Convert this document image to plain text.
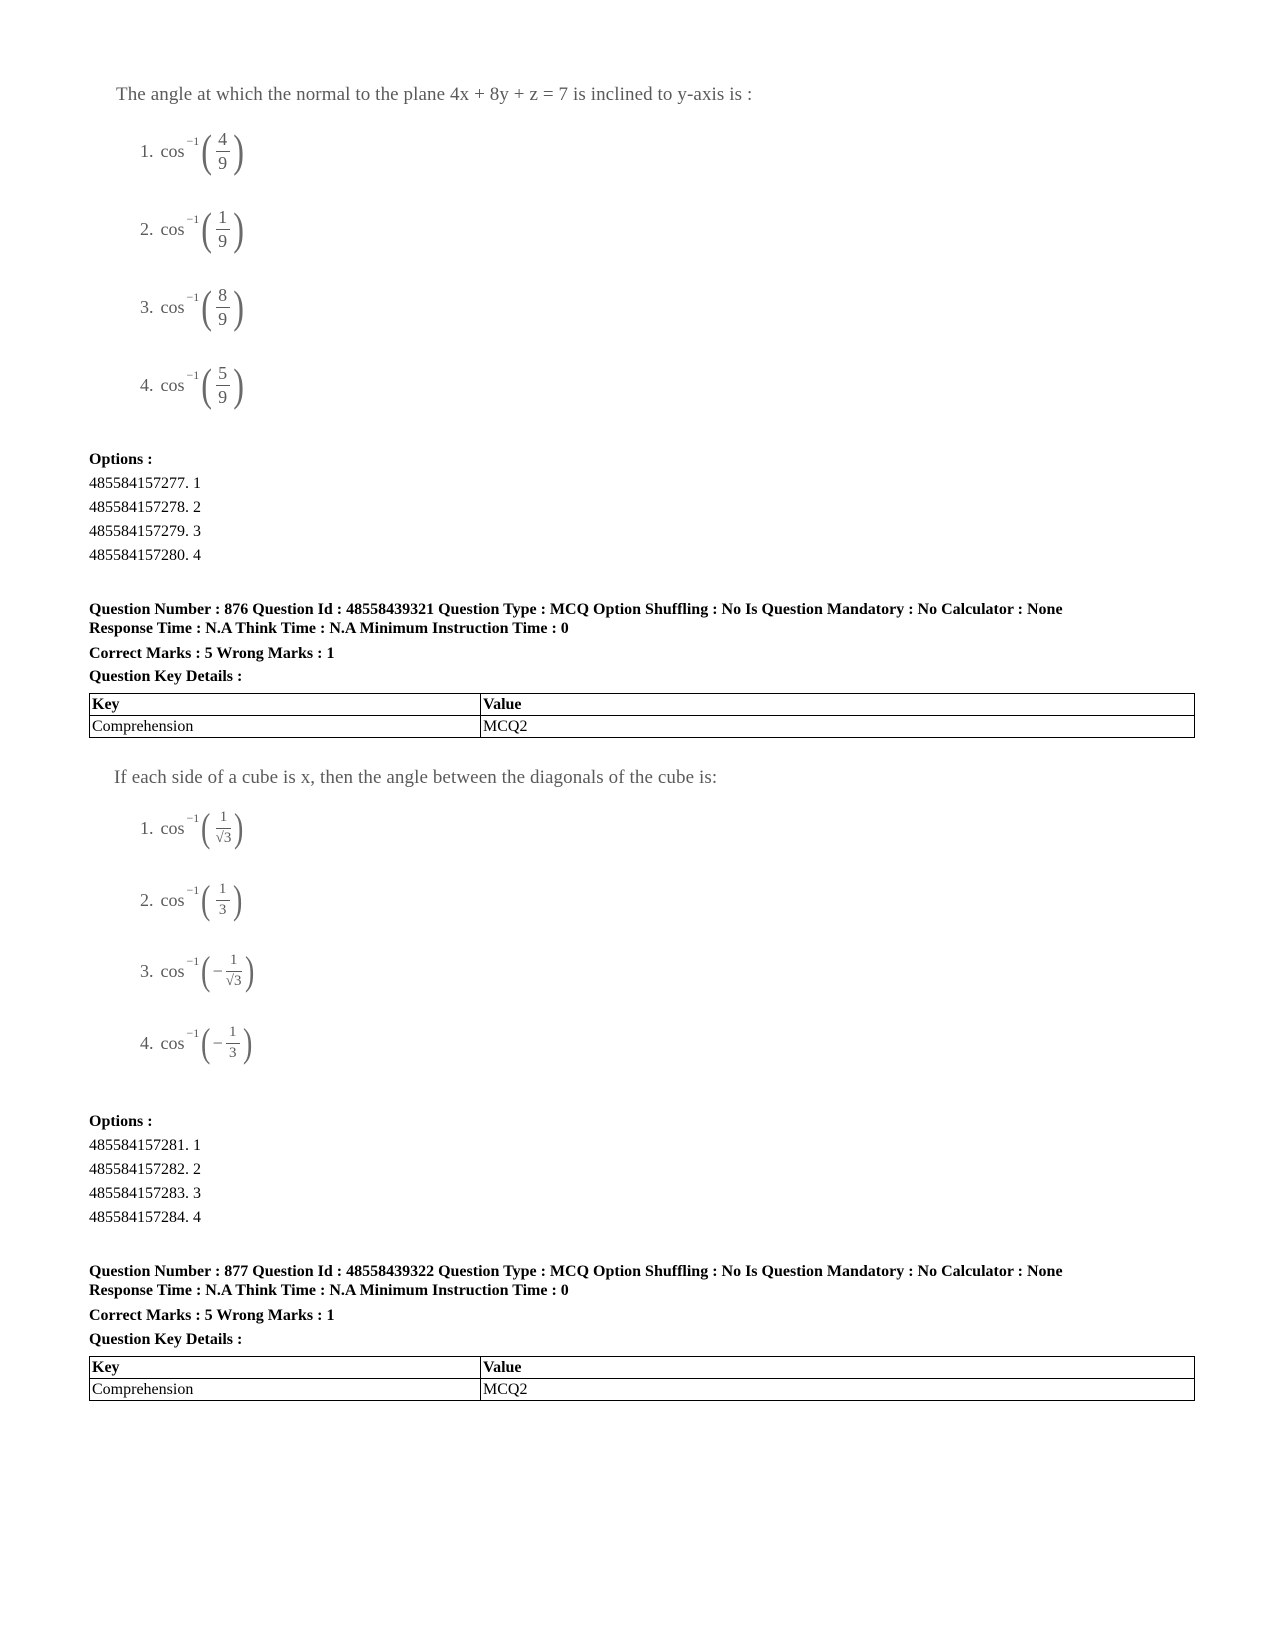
The angle at which the normal to the plane 4x + 8y + z = 7 is inclined to y-axis is :
1. cos −1 ( $\frac{4}{9}$ )
2. cos −1 ( $\frac{1}{9}$ )
3. cos −1 ( $\frac{8}{9}$ )
4. cos −1 ( $\frac{5}{9}$ )
Options :
485584157277. 1
485584157278. 2
485584157279. 3
485584157280. 4
Question Number : 876 Question Id : 48558439321 Question Type : MCQ Option Shuffling : No Is Question Mandatory : No Calculator : None
Response Time : N.A Think Time : N.A Minimum Instruction Time : 0
Correct Marks : 5 Wrong Marks : 1
Question Key Details :
Key	Value
Comprehension	MCQ2
If each side of a cube is x, then the angle between the diagonals of the cube is:
1. cos −1 ( $\frac{1}{√3}$ )
2. cos −1 ( $\frac{1}{3}$ )
3. cos −1 ( − $\frac{1}{√3}$ )
4. cos −1 ( − $\frac{1}{3}$ )
Options :
485584157281. 1
485584157282. 2
485584157283. 3
485584157284. 4
Question Number : 877 Question Id : 48558439322 Question Type : MCQ Option Shuffling : No Is Question Mandatory : No Calculator : None
Response Time : N.A Think Time : N.A Minimum Instruction Time : 0
Correct Marks : 5 Wrong Marks : 1
Question Key Details :
Key	Value
Comprehension	MCQ2
